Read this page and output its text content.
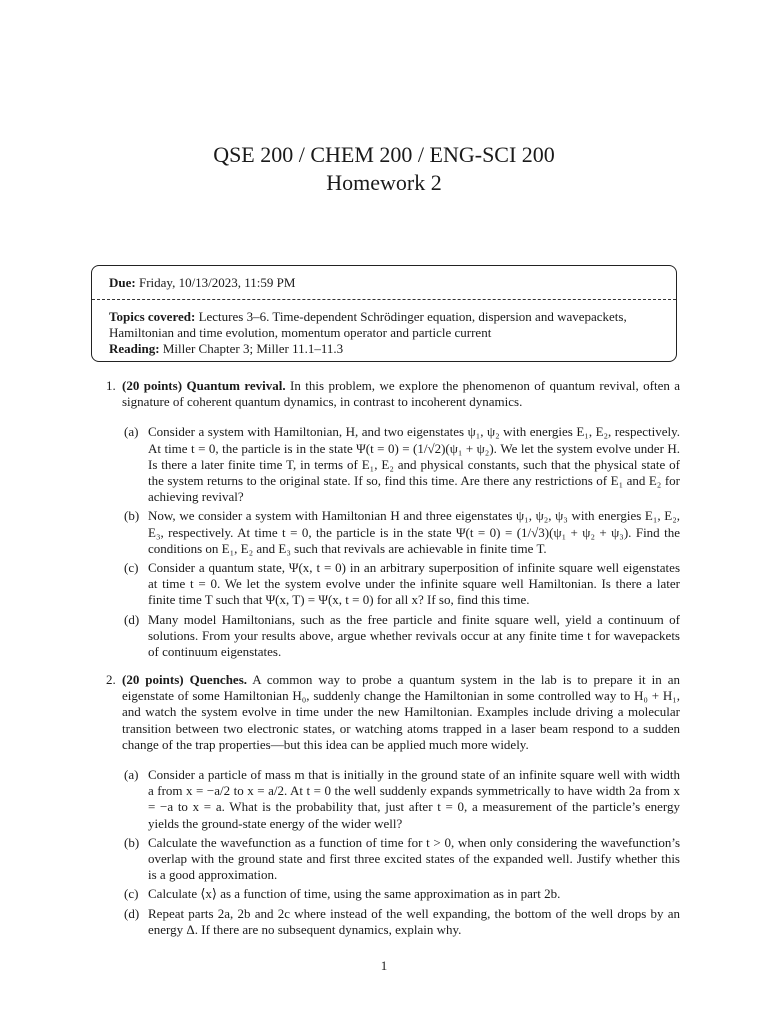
QSE 200 / CHEM 200 / ENG-SCI 200
Homework 2
Due: Friday, 10/13/2023, 11:59 PM
Topics covered: Lectures 3–6. Time-dependent Schrödinger equation, dispersion and wavepackets, Hamiltonian and time evolution, momentum operator and particle current
Reading: Miller Chapter 3; Miller 11.1–11.3
1. (20 points) Quantum revival. In this problem, we explore the phenomenon of quantum revival, often a signature of coherent quantum dynamics, in contrast to incoherent dynamics.
(a) Consider a system with Hamiltonian, H, and two eigenstates ψ₁, ψ₂ with energies E₁, E₂, respectively. At time t = 0, the particle is in the state Ψ(t = 0) = (1/√2)(ψ₁ + ψ₂). We let the system evolve under H. Is there a later finite time T, in terms of E₁, E₂ and physical constants, such that the physical state of the system returns to the original state. If so, find this time. Are there any restrictions of E₁ and E₂ for achieving revival?
(b) Now, we consider a system with Hamiltonian H and three eigenstates ψ₁, ψ₂, ψ₃ with energies E₁, E₂, E₃, respectively. At time t = 0, the particle is in the state Ψ(t = 0) = (1/√3)(ψ₁ + ψ₂ + ψ₃). Find the conditions on E₁, E₂ and E₃ such that revivals are achievable in finite time T.
(c) Consider a quantum state, Ψ(x, t = 0) in an arbitrary superposition of infinite square well eigenstates at time t = 0. We let the system evolve under the infinite square well Hamiltonian. Is there a later finite time T such that Ψ(x, T) = Ψ(x, t = 0) for all x? If so, find this time.
(d) Many model Hamiltonians, such as the free particle and finite square well, yield a continuum of solutions. From your results above, argue whether revivals occur at any finite time t for wavepackets of continuum eigenstates.
2. (20 points) Quenches. A common way to probe a quantum system in the lab is to prepare it in an eigenstate of some Hamiltonian H₀, suddenly change the Hamiltonian in some controlled way to H₀ + H₁, and watch the system evolve in time under the new Hamiltonian. Examples include driving a molecular transition between two electronic states, or watching atoms trapped in a laser beam respond to a sudden change of the trap properties—but this idea can be applied much more widely.
(a) Consider a particle of mass m that is initially in the ground state of an infinite square well with width a from x = −a/2 to x = a/2. At t = 0 the well suddenly expands symmetrically to have width 2a from x = −a to x = a. What is the probability that, just after t = 0, a measurement of the particle’s energy yields the ground-state energy of the wider well?
(b) Calculate the wavefunction as a function of time for t > 0, when only considering the wavefunction’s overlap with the ground state and first three excited states of the expanded well. Justify whether this is a good approximation.
(c) Calculate ⟨x⟩ as a function of time, using the same approximation as in part 2b.
(d) Repeat parts 2a, 2b and 2c where instead of the well expanding, the bottom of the well drops by an energy Δ. If there are no subsequent dynamics, explain why.
1
